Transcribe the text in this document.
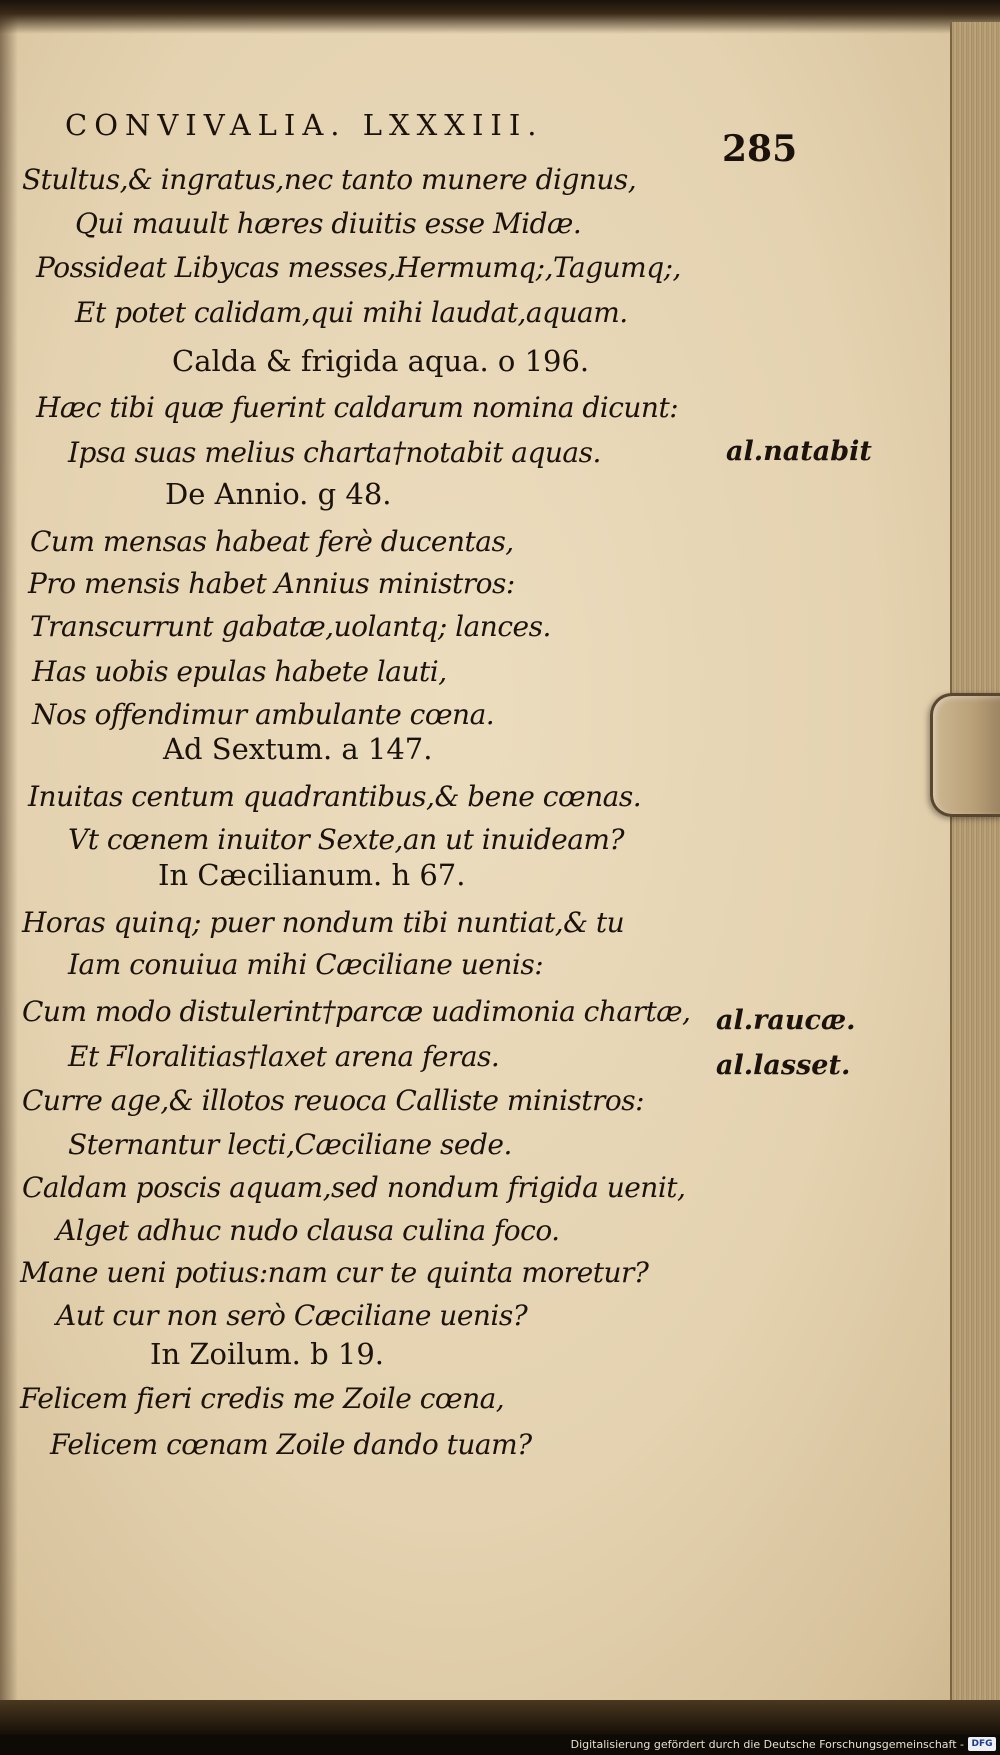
CONVIVALIA. LXXXIII.
285
Stultus,& ingratus,nec tanto munere dignus,
Qui mauult hæres diuitis esse Midæ.
Possideat Libycas messes,Hermumq;,Tagumq;,
Et potet calidam,qui mihi laudat,aquam.
Calda & frigida aqua. o 196.
Hæc tibi quæ fuerint caldarum nomina dicunt:
Ipsa suas melius charta†notabit aquas.
De Annio. g 48.
Cum mensas habeat ferè ducentas,
Pro mensis habet Annius ministros:
Transcurrunt gabatæ,uolantq; lances.
Has uobis epulas habete lauti,
Nos offendimur ambulante cœna.
Ad Sextum. a 147.
Inuitas centum quadrantibus,& bene cœnas.
Vt cœnem inuitor Sexte,an ut inuideam?
In Cæcilianum. h 67.
Horas quinq; puer nondum tibi nuntiat,& tu
Iam conuiua mihi Cæciliane uenis:
Cum modo distulerint†parcæ uadimonia chartæ,
Et Floralitias†laxet arena feras.
Curre age,& illotos reuoca Calliste ministros:
Sternantur lecti,Cæciliane sede.
Caldam poscis aquam,sed nondum frigida uenit,
Alget adhuc nudo clausa culina foco.
Mane ueni potius:nam cur te quinta moretur?
Aut cur non serò Cæciliane uenis?
In Zoilum. b 19.
Felicem fieri credis me Zoile cœna,
Felicem cœnam Zoile dando tuam?
al.natabit
al.raucæ.
al.lasset.
Digitalisierung gefördert durch die Deutsche Forschungsgemeinschaft - DFG
